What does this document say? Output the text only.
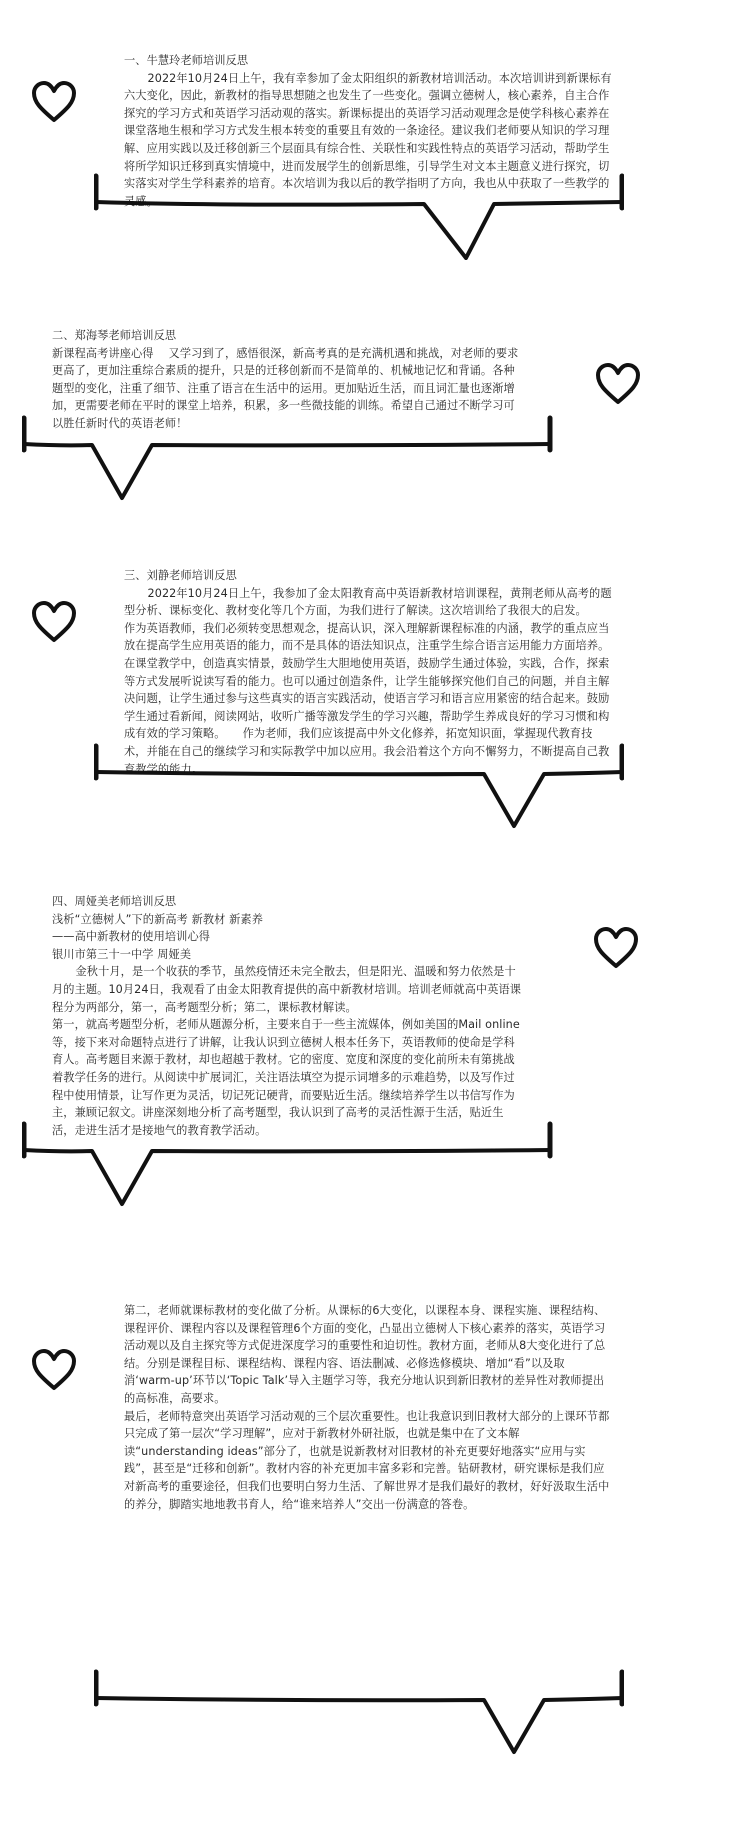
一、牛慧玲老师培训反思

2022年10月24日上午，我有幸参加了金太阳组织的新教材培训活动。本次培训讲到新课标有六大变化，因此，新教材的指导思想随之也发生了一些变化。强调立德树人，核心素养，自主合作探究的学习方式和英语学习活动观的落实。新课标提出的英语学习活动观理念是使学科核心素养在课堂落地生根和学习方式发生根本转变的重要且有效的一条途径。建议我们老师要从知识的学习理解、应用实践以及迁移创新三个层面具有综合性、关联性和实践性特点的英语学习活动，帮助学生将所学知识迁移到真实情境中，进而发展学生的创新思维，引导学生对文本主题意义进行探究，切实落实对学生学科素养的培育。本次培训为我以后的教学指明了方向，我也从中获取了一些教学的灵感。

二、郑海琴老师培训反思

新课程高考讲座心得　 又学习到了，感悟很深，新高考真的是充满机遇和挑战，对老师的要求更高了，更加注重综合素质的提升，只是的迁移创新而不是简单的、机械地记忆和背诵。各种题型的变化，注重了细节、注重了语言在生活中的运用。更加贴近生活，而且词汇量也逐渐增加，更需要老师在平时的课堂上培养，积累，多一些微技能的训练。希望自己通过不断学习可以胜任新时代的英语老师！

三、刘静老师培训反思

2022年10月24日上午，我参加了金太阳教育高中英语新教材培训课程，黄荆老师从高考的题型分析、课标变化、教材变化等几个方面，为我们进行了解读。这次培训给了我很大的启发。　　作为英语教师，我们必须转变思想观念，提高认识，深入理解新课程标准的内涵，教学的重点应当放在提高学生应用英语的能力，而不是具体的语法知识点，注重学生综合语言运用能力方面培养。在课堂教学中，创造真实情景，鼓励学生大胆地使用英语，鼓励学生通过体验，实践，合作，探索等方式发展听说读写看的能力。也可以通过创造条件，让学生能够探究他们自己的问题，并自主解决问题，让学生通过参与这些真实的语言实践活动，使语言学习和语言应用紧密的结合起来。鼓励学生通过看新闻，阅读网站，收听广播等激发学生的学习兴趣，帮助学生养成良好的学习习惯和构成有效的学习策略。　　作为老师，我们应该提高中外文化修养，拓宽知识面，掌握现代教育技术，并能在自己的继续学习和实际教学中加以应用。我会沿着这个方向不懈努力，不断提高自己教育教学的能力。

四、周娅美老师培训反思

浅析“立德树人”下的新高考 新教材 新素养

——高中新教材的使用培训心得

银川市第三十一中学 周娅美

金秋十月，是一个收获的季节，虽然疫情还未完全散去，但是阳光、温暖和努力依然是十月的主题。10月24日，我观看了由金太阳教育提供的高中新教材培训。培训老师就高中英语课程分为两部分，第一，高考题型分析；第二，课标教材解读。

第一，就高考题型分析，老师从题源分析，主要来自于一些主流媒体，例如美国的Mail online等，接下来对命题特点进行了讲解，让我认识到立德树人根本任务下，英语教师的使命是学科育人。高考题目来源于教材，却也超越于教材。它的密度、宽度和深度的变化前所未有第挑战着教学任务的进行。从阅读中扩展词汇，关注语法填空为提示词增多的示难趋势，以及写作过程中使用情景，让写作更为灵活，切记死记硬背，而要贴近生活。继续培养学生以书信写作为主，兼顾记叙文。讲座深刻地分析了高考题型，我认识到了高考的灵活性源于生活，贴近生活，走进生活才是接地气的教育教学活动。

第二，老师就课标教材的变化做了分析。从课标的6大变化，以课程本身、课程实施、课程结构、课程评价、课程内容以及课程管理6个方面的变化，凸显出立德树人下核心素养的落实，英语学习活动观以及自主探究等方式促进深度学习的重要性和迫切性。教材方面，老师从8大变化进行了总结。分别是课程目标、课程结构、课程内容、语法删减、必修选修模块、增加“看”以及取消‘warm-up’环节以‘Topic Talk’导入主题学习等，我充分地认识到新旧教材的差异性对教师提出的高标准，高要求。

最后，老师特意突出英语学习活动观的三个层次重要性。也让我意识到旧教材大部分的上课环节都只完成了第一层次“学习理解”，应对于新教材外研社版，也就是集中在了文本解读“understanding ideas”部分了，也就是说新教材对旧教材的补充更要好地落实“应用与实践”，甚至是“迁移和创新”。教材内容的补充更加丰富多彩和完善。钻研教材，研究课标是我们应对新高考的重要途径，但我们也要明白努力生活、了解世界才是我们最好的教材，好好汲取生活中的养分，脚踏实地地教书育人，给“谁来培养人”交出一份满意的答卷。
